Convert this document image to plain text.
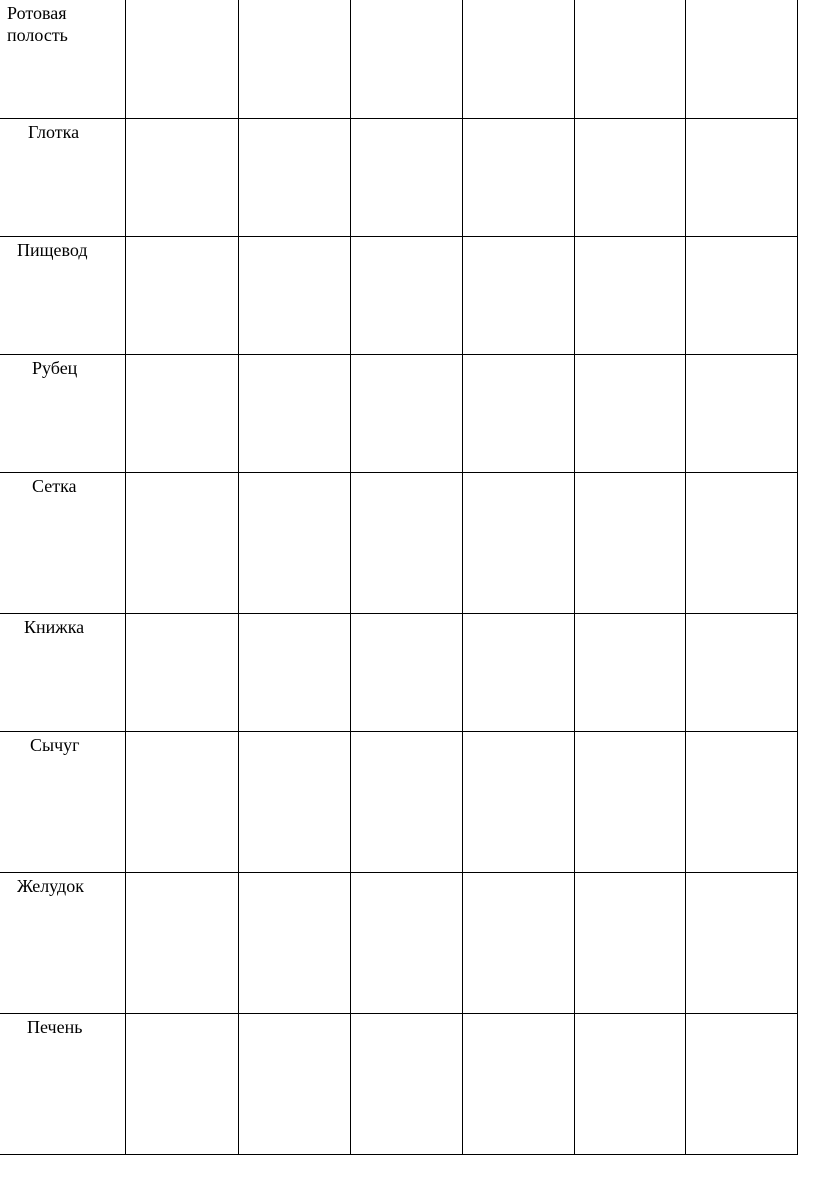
Ротовая
полость						

Глотка						

Пищевод						

Рубец						

Сетка						

Книжка						

Сычуг						

Желудок						

Печень						
